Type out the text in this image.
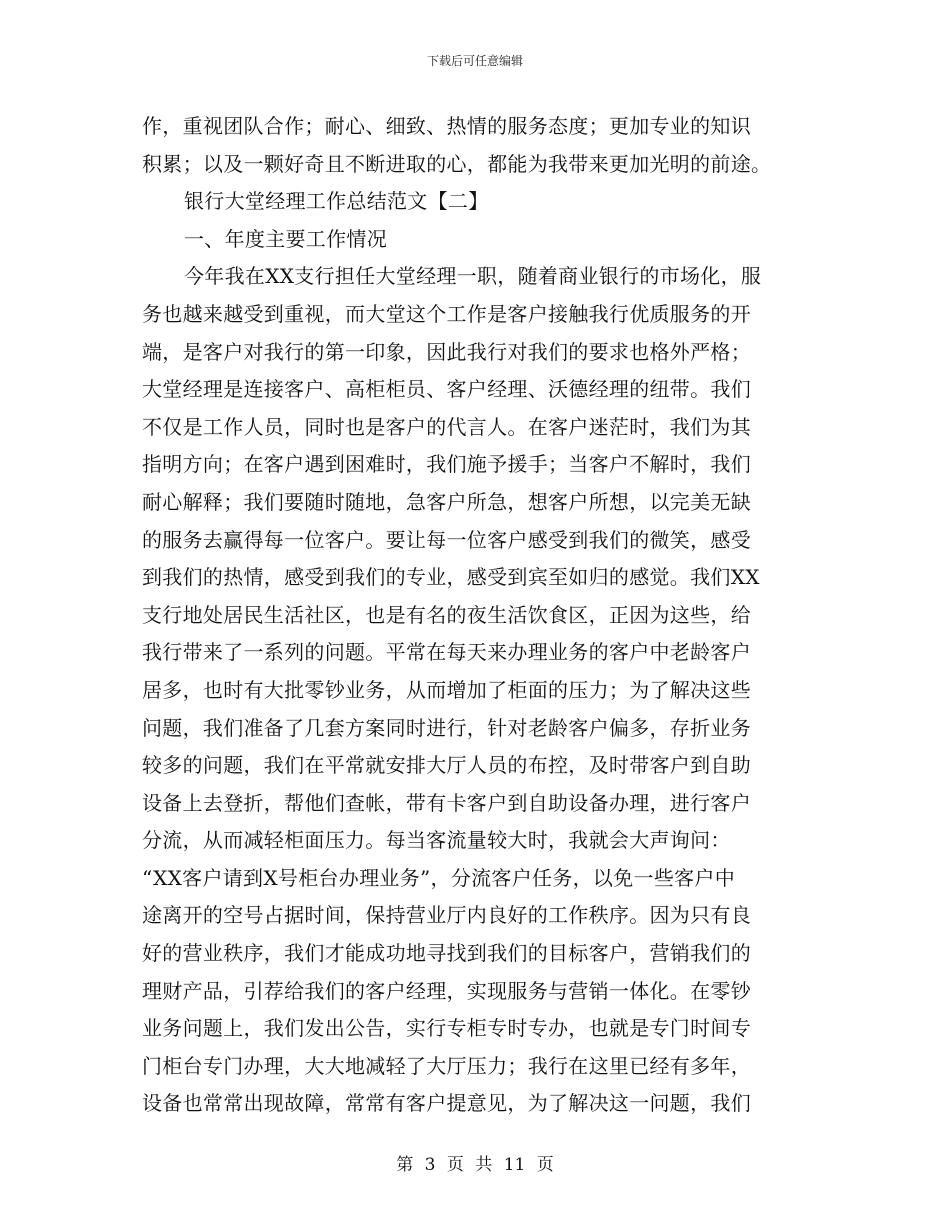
下载后可任意编辑
作，重视团队合作；耐心、细致、热情的服务态度；更加专业的知识
积累；以及一颗好奇且不断进取的心，都能为我带来更加光明的前途。
银行大堂经理工作总结范文【二】
一、年度主要工作情况
今年我在XX支行担任大堂经理一职，随着商业银行的市场化，服
务也越来越受到重视，而大堂这个工作是客户接触我行优质服务的开
端，是客户对我行的第一印象，因此我行对我们的要求也格外严格；
大堂经理是连接客户、高柜柜员、客户经理、沃德经理的纽带。我们
不仅是工作人员，同时也是客户的代言人。在客户迷茫时，我们为其
指明方向；在客户遇到困难时，我们施予援手；当客户不解时，我们
耐心解释；我们要随时随地，急客户所急，想客户所想，以完美无缺
的服务去赢得每一位客户。要让每一位客户感受到我们的微笑，感受
到我们的热情，感受到我们的专业，感受到宾至如归的感觉。我们XX
支行地处居民生活社区，也是有名的夜生活饮食区，正因为这些，给
我行带来了一系列的问题。平常在每天来办理业务的客户中老龄客户
居多，也时有大批零钞业务，从而增加了柜面的压力；为了解决这些
问题，我们准备了几套方案同时进行，针对老龄客户偏多，存折业务
较多的问题，我们在平常就安排大厅人员的布控，及时带客户到自助
设备上去登折，帮他们查帐，带有卡客户到自助设备办理，进行客户
分流，从而减轻柜面压力。每当客流量较大时，我就会大声询问：
“XX客户请到X号柜台办理业务”，分流客户任务，以免一些客户中
途离开的空号占据时间，保持营业厅内良好的工作秩序。因为只有良
好的营业秩序，我们才能成功地寻找到我们的目标客户，营销我们的
理财产品，引荐给我们的客户经理，实现服务与营销一体化。在零钞
业务问题上，我们发出公告，实行专柜专时专办，也就是专门时间专
门柜台专门办理，大大地减轻了大厅压力；我行在这里已经有多年，
设备也常常出现故障，常常有客户提意见，为了解决这一问题，我们
第 3 页 共 11 页
